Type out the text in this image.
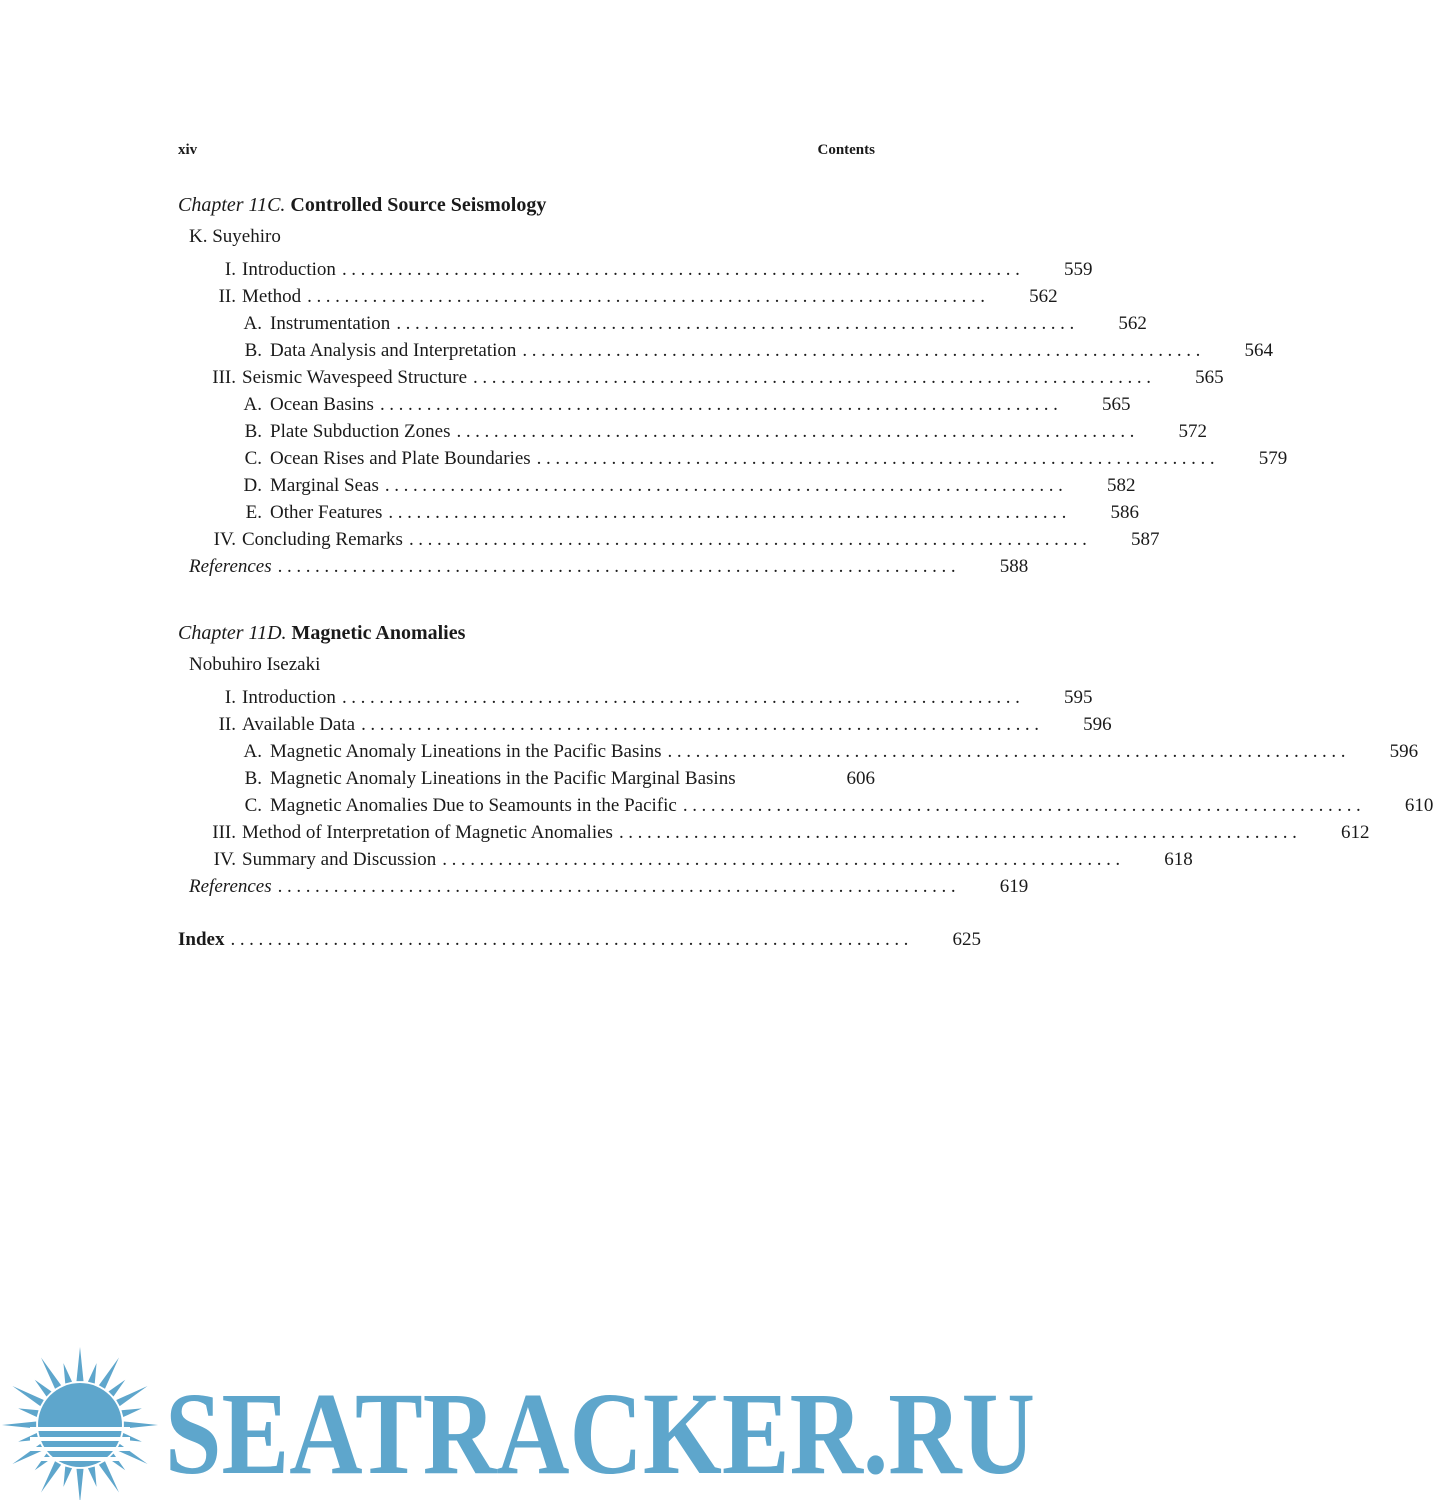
xiv	Contents

Chapter 11C. Controlled Source Seismology

K. Suyehiro
I. Introduction .........................................................................	559
II. Method .........................................................................	562
A. Instrumentation .........................................................................	562
B. Data Analysis and Interpretation .........................................................................	564
III. Seismic Wavespeed Structure .........................................................................	565
A. Ocean Basins .........................................................................	565
B. Plate Subduction Zones .........................................................................	572
C. Ocean Rises and Plate Boundaries .........................................................................	579
D. Marginal Seas .........................................................................	582
E. Other Features .........................................................................	586
IV. Concluding Remarks .........................................................................	587
References .........................................................................	588

Chapter 11D. Magnetic Anomalies

Nobuhiro Isezaki
I. Introduction .........................................................................	595
II. Available Data .........................................................................	596
A. Magnetic Anomaly Lineations in the Pacific Basins .........................................................................	596
B. Magnetic Anomaly Lineations in the Pacific Marginal Basins	606
C. Magnetic Anomalies Due to Seamounts in the Pacific .........................................................................	610
III. Method of Interpretation of Magnetic Anomalies .........................................................................	612
IV. Summary and Discussion .........................................................................	618
References .........................................................................	619
Index .........................................................................	625
SEATRACKER.RU
